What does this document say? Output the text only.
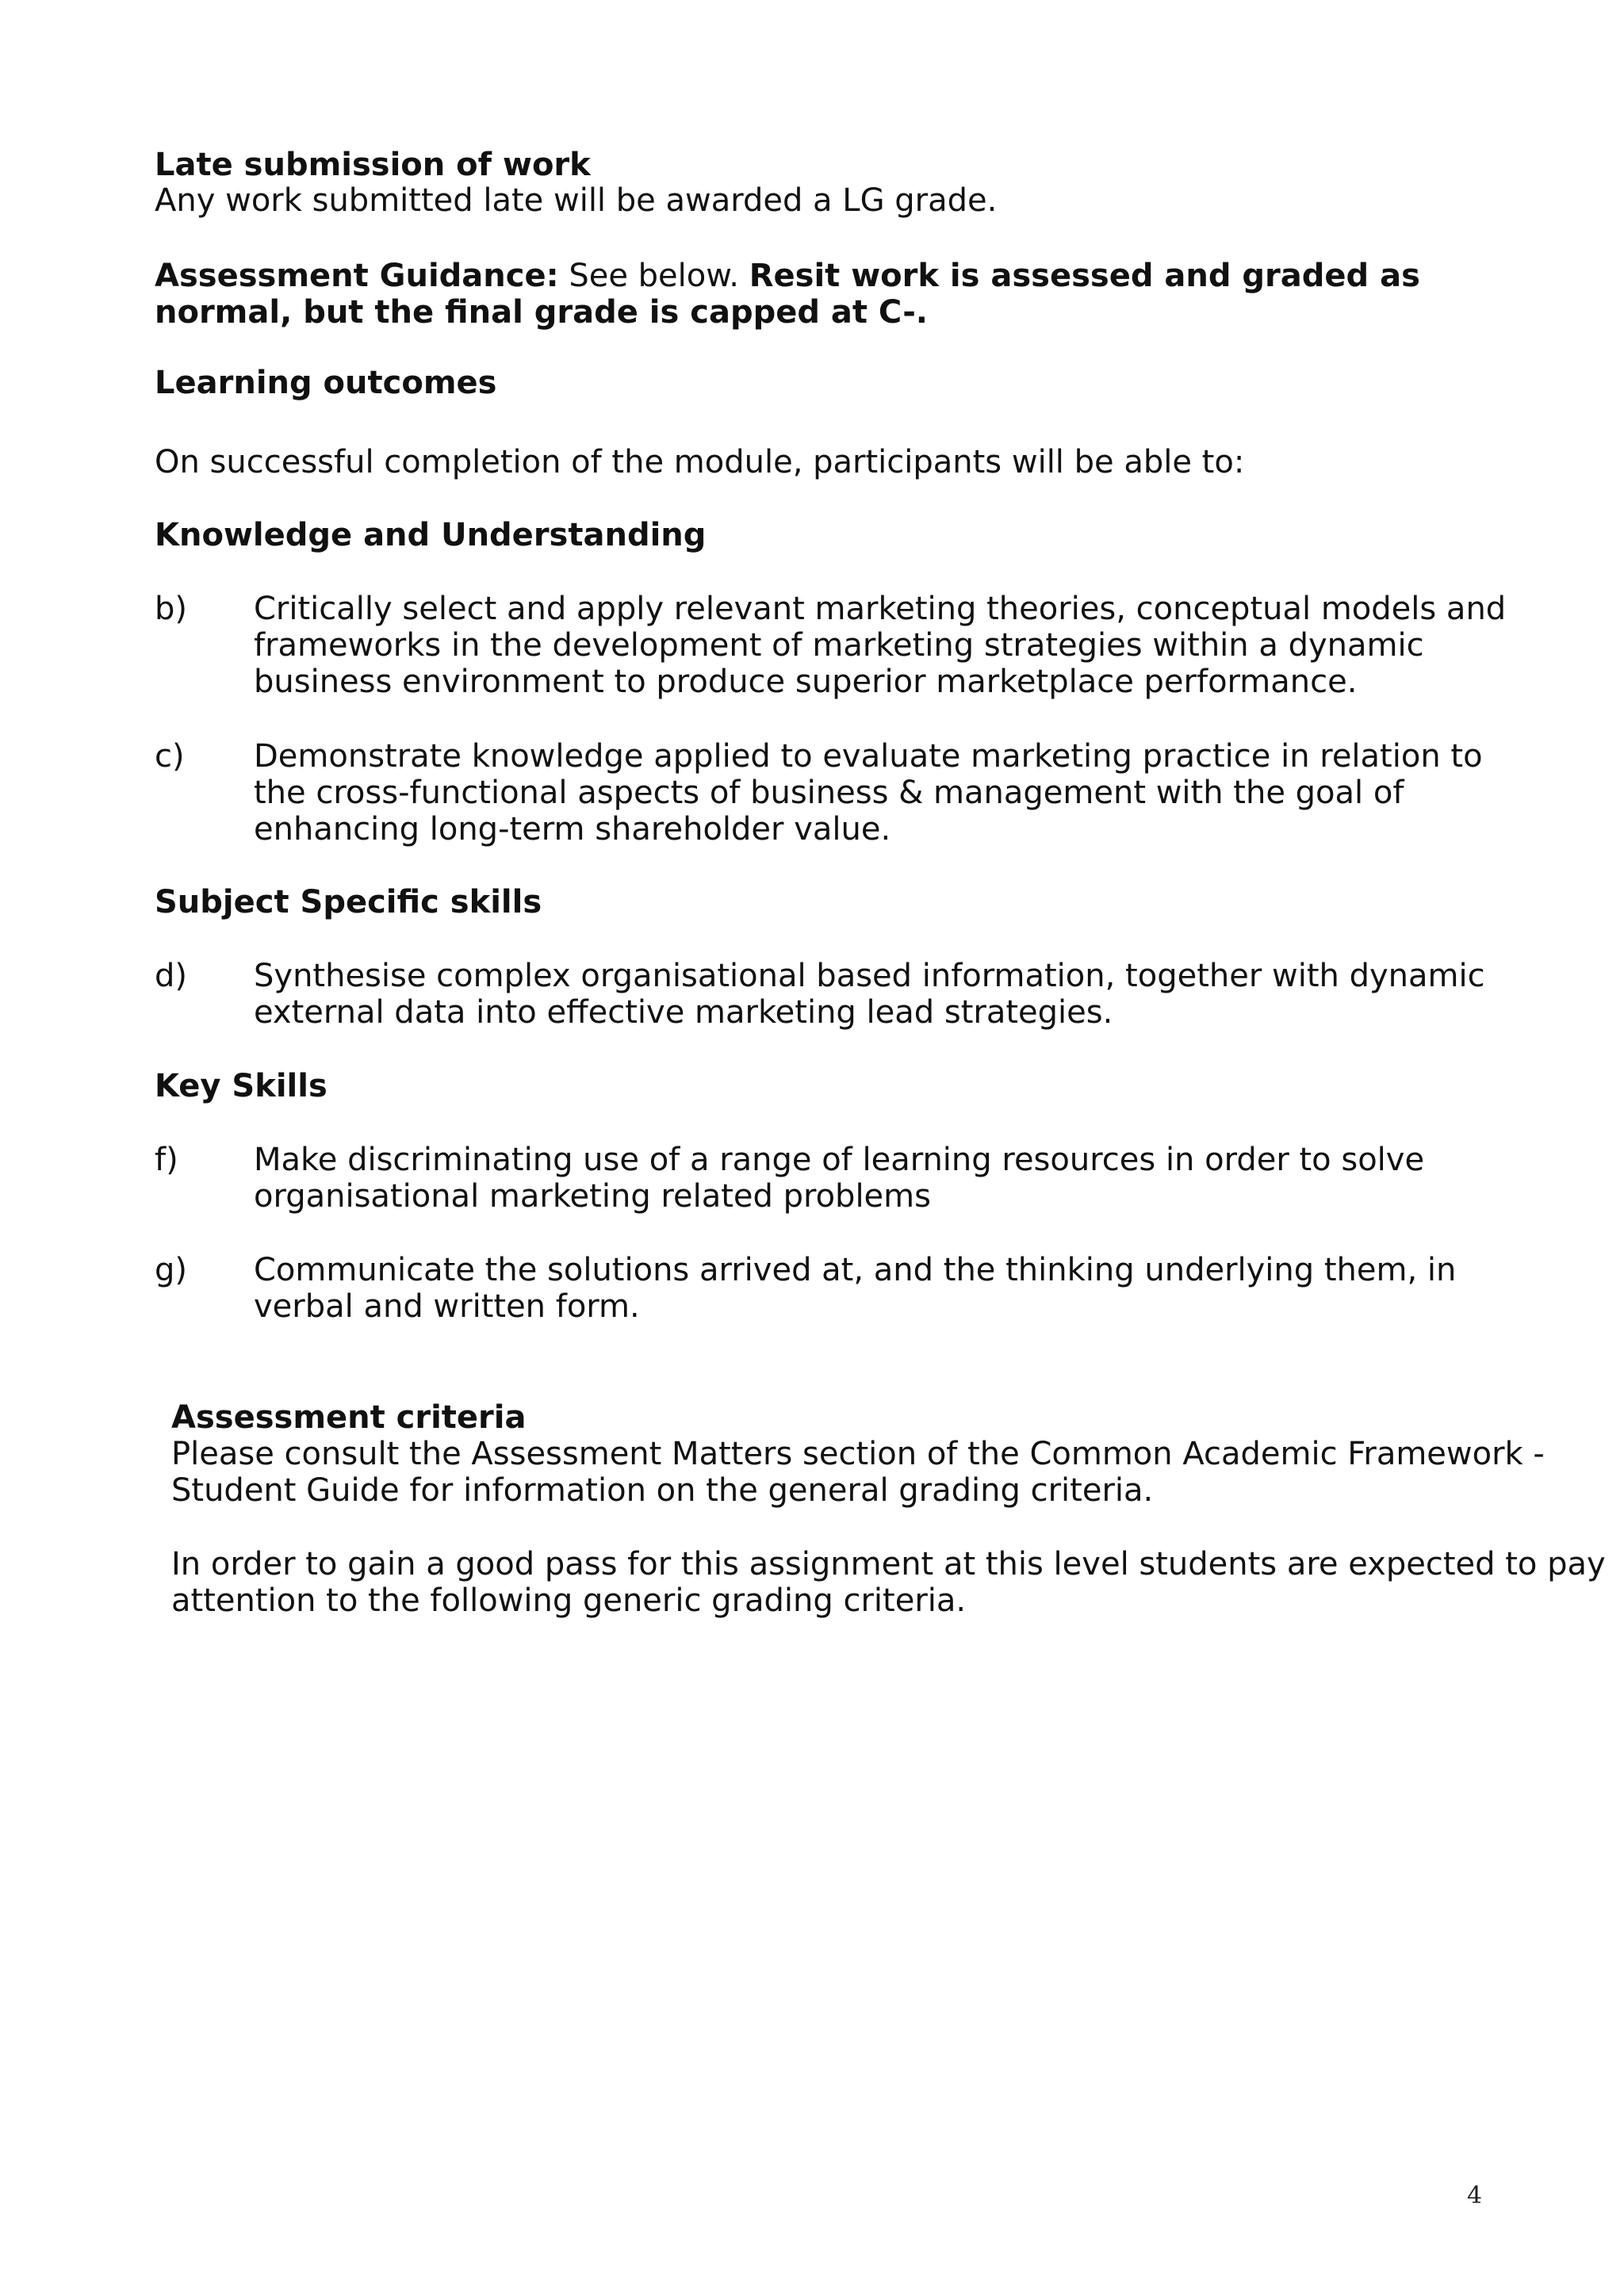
Late submission of work
Any work submitted late will be awarded a LG grade.
Assessment Guidance: See below. Resit work is assessed and graded as
normal, but the final grade is capped at C-.
Learning outcomes
On successful completion of the module, participants will be able to:
Knowledge and Understanding
b) Critically select and apply relevant marketing theories, conceptual models and
frameworks in the development of marketing strategies within a dynamic
business environment to produce superior marketplace performance.
c) Demonstrate knowledge applied to evaluate marketing practice in relation to
the cross-functional aspects of business & management with the goal of
enhancing long-term shareholder value.
Subject Specific skills
d) Synthesise complex organisational based information, together with dynamic
external data into effective marketing lead strategies.
Key Skills
f) Make discriminating use of a range of learning resources in order to solve
organisational marketing related problems
g) Communicate the solutions arrived at, and the thinking underlying them, in
verbal and written form.
Assessment criteria
Please consult the Assessment Matters section of the Common Academic Framework -
Student Guide for information on the general grading criteria.
In order to gain a good pass for this assignment at this level students are expected to pay
attention to the following generic grading criteria.
4
